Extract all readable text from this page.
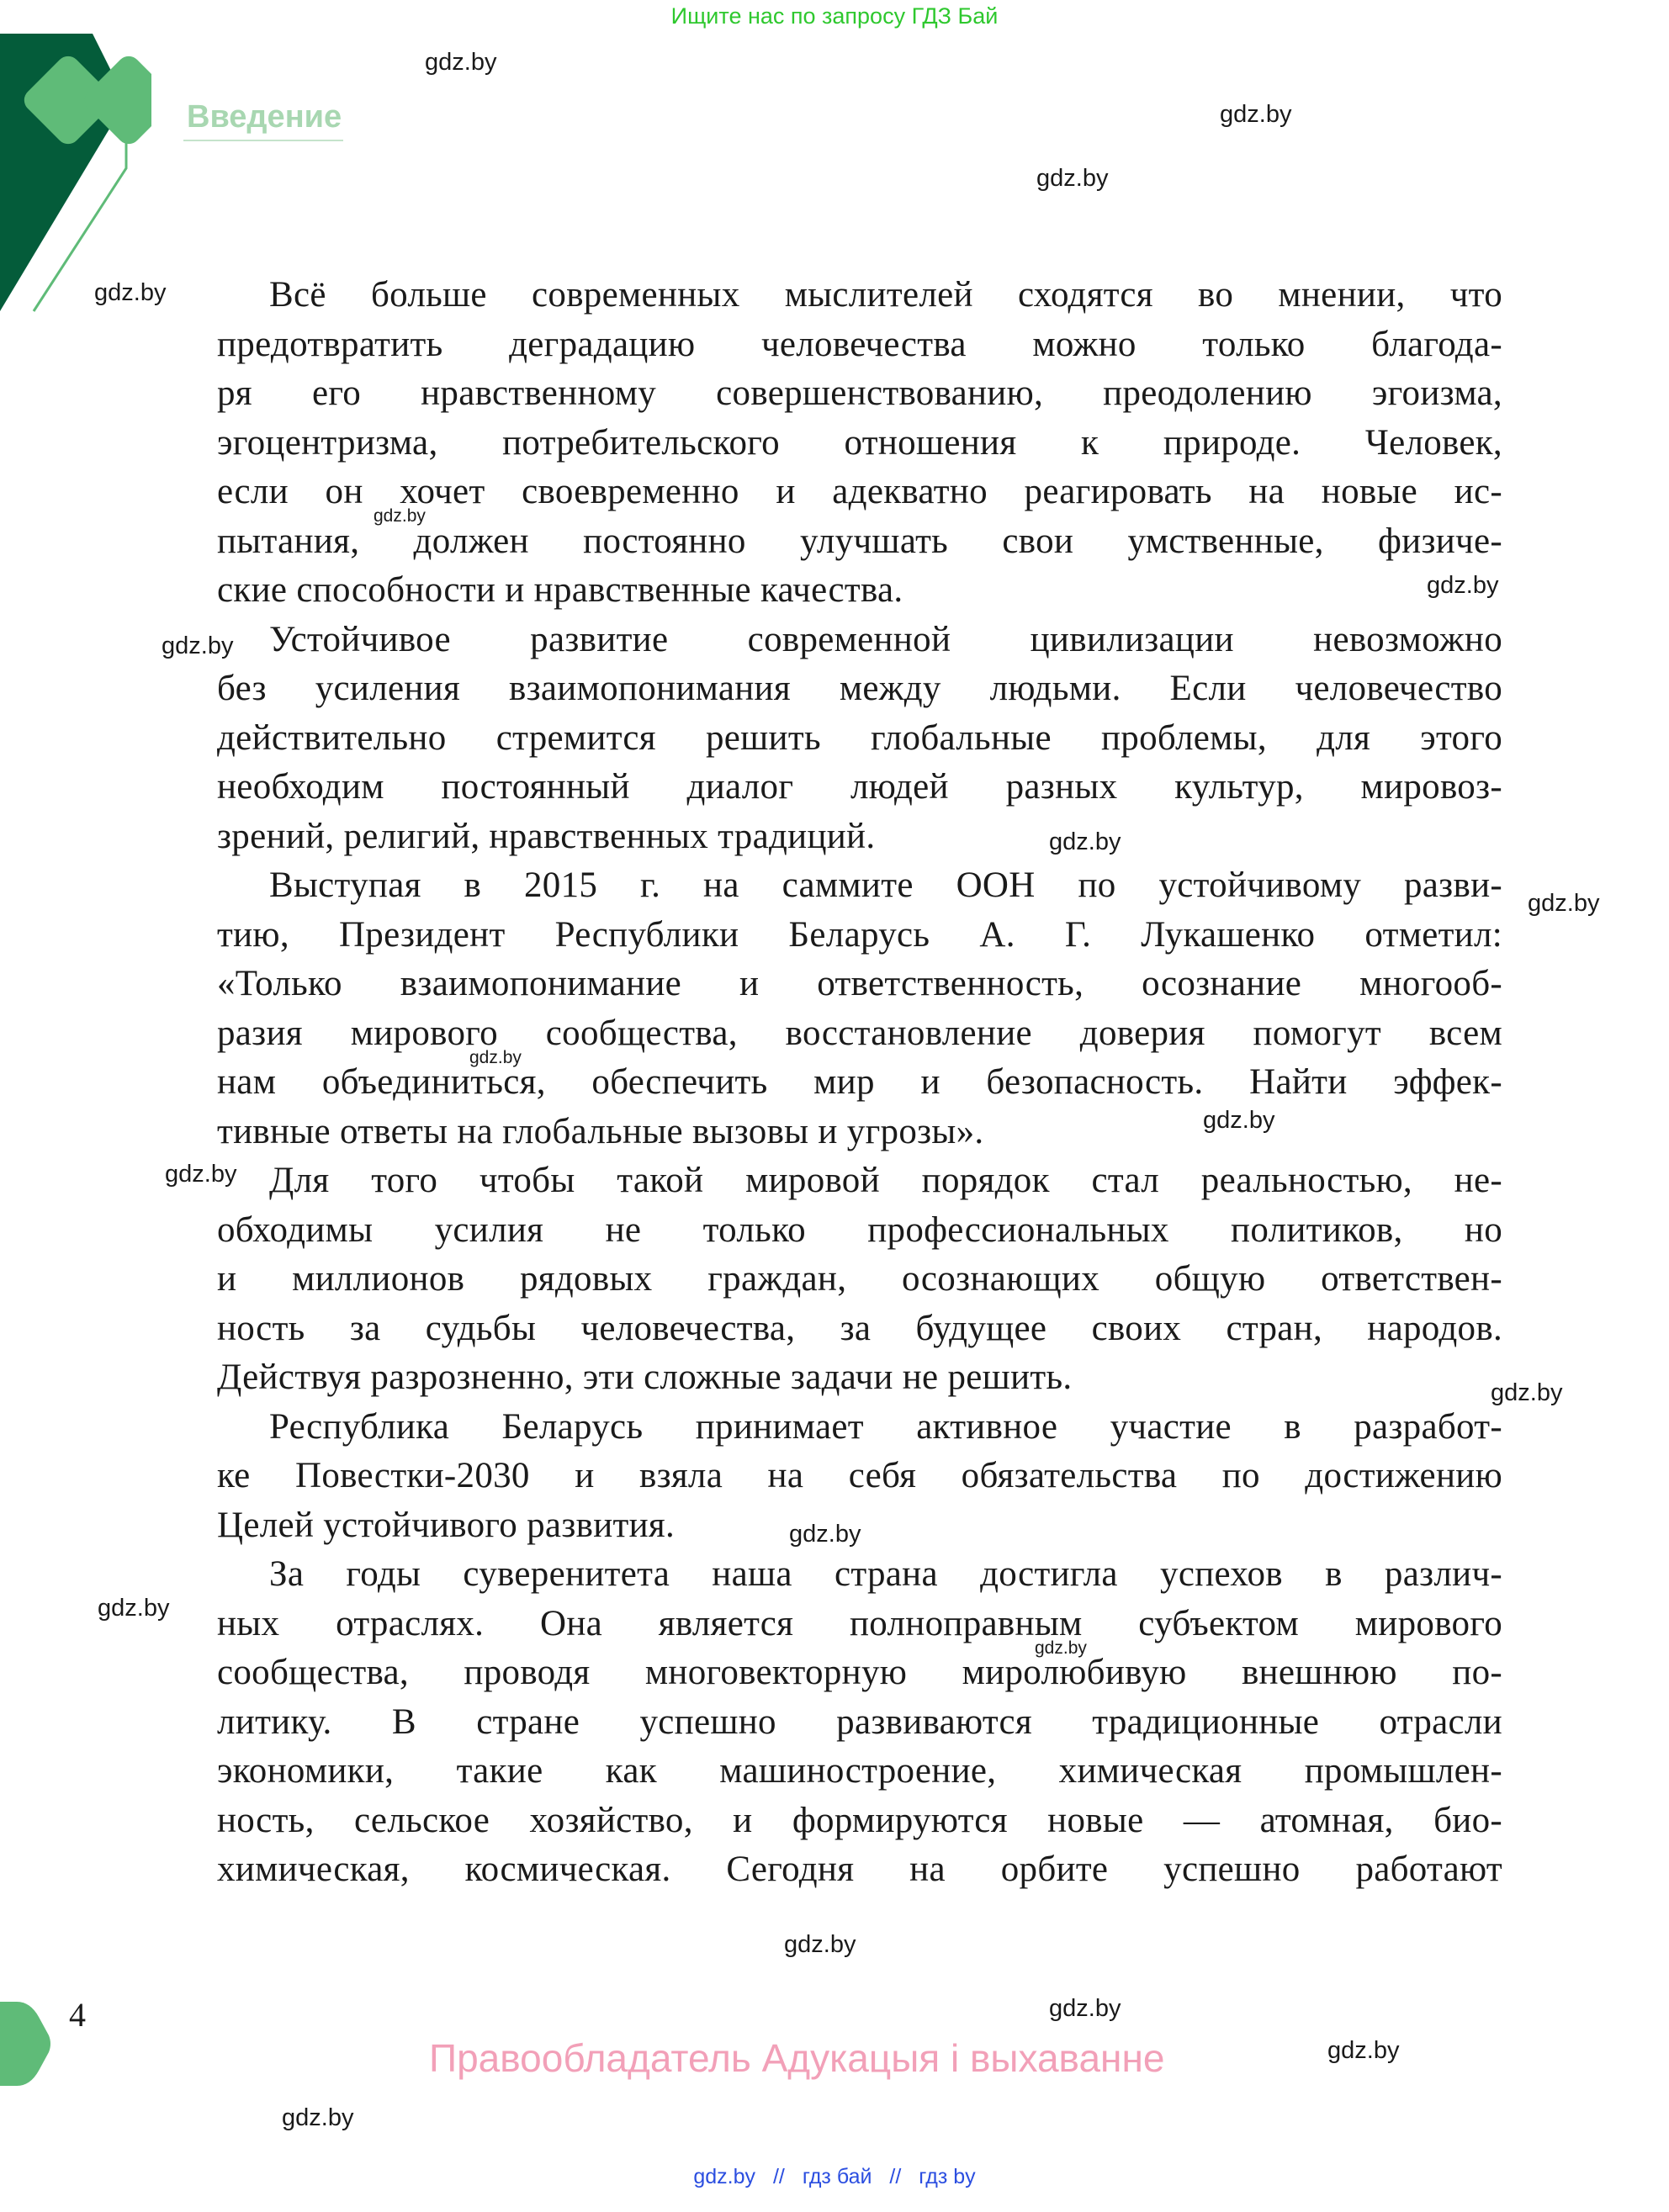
Ищите нас по запросу ГДЗ Бай
Введение
Всё больше современных мыслителей сходятся во мнении, что
предотвратить деградацию человечества можно только благода-
ря его нравственному совершенствованию, преодолению эгоизма,
эгоцентризма, потребительского отношения к природе. Человек,
если он хочет своевременно и адекватно реагировать на новые ис-
пытания, должен постоянно улучшать свои умственные, физиче-
ские способности и нравственные качества.
Устойчивое развитие современной цивилизации невозможно
без усиления взаимопонимания между людьми. Если человечество
действительно стремится решить глобальные проблемы, для этого
необходим постоянный диалог людей разных культур, мировоз-
зрений, религий, нравственных традиций.
Выступая в 2015 г. на саммите ООН по устойчивому разви-
тию, Президент Республики Беларусь А. Г. Лукашенко отметил:
«Только взаимопонимание и ответственность, осознание многооб-
разия мирового сообщества, восстановление доверия помогут всем
нам объединиться, обеспечить мир и безопасность. Найти эффек-
тивные ответы на глобальные вызовы и угрозы».
Для того чтобы такой мировой порядок стал реальностью, не-
обходимы усилия не только профессиональных политиков, но
и миллионов рядовых граждан, осознающих общую ответствен-
ность за судьбы человечества, за будущее своих стран, народов.
Действуя разрозненно, эти сложные задачи не решить.
Республика Беларусь принимает активное участие в разработ-
ке Повестки-2030 и взяла на себя обязательства по достижению
Целей устойчивого развития.
За годы суверенитета наша страна достигла успехов в различ-
ных отраслях. Она является полноправным субъектом мирового
сообщества, проводя многовекторную миролюбивую внешнюю по-
литику. В стране успешно развиваются традиционные отрасли
экономики, такие как машиностроение, химическая промышлен-
ность, сельское хозяйство, и формируются новые — атомная, био-
химическая, космическая. Сегодня на орбите успешно работают
gdz.by
gdz.by
gdz.by
gdz.by
gdz.by
gdz.by
gdz.by
gdz.by
gdz.by
gdz.by
gdz.by
gdz.by
gdz.by
gdz.by
gdz.by
gdz.by
gdz.by
gdz.by
gdz.by
gdz.by
4
Правообладатель Адукацыя і выхаванне
gdz.by // гдз бай // гдз by
